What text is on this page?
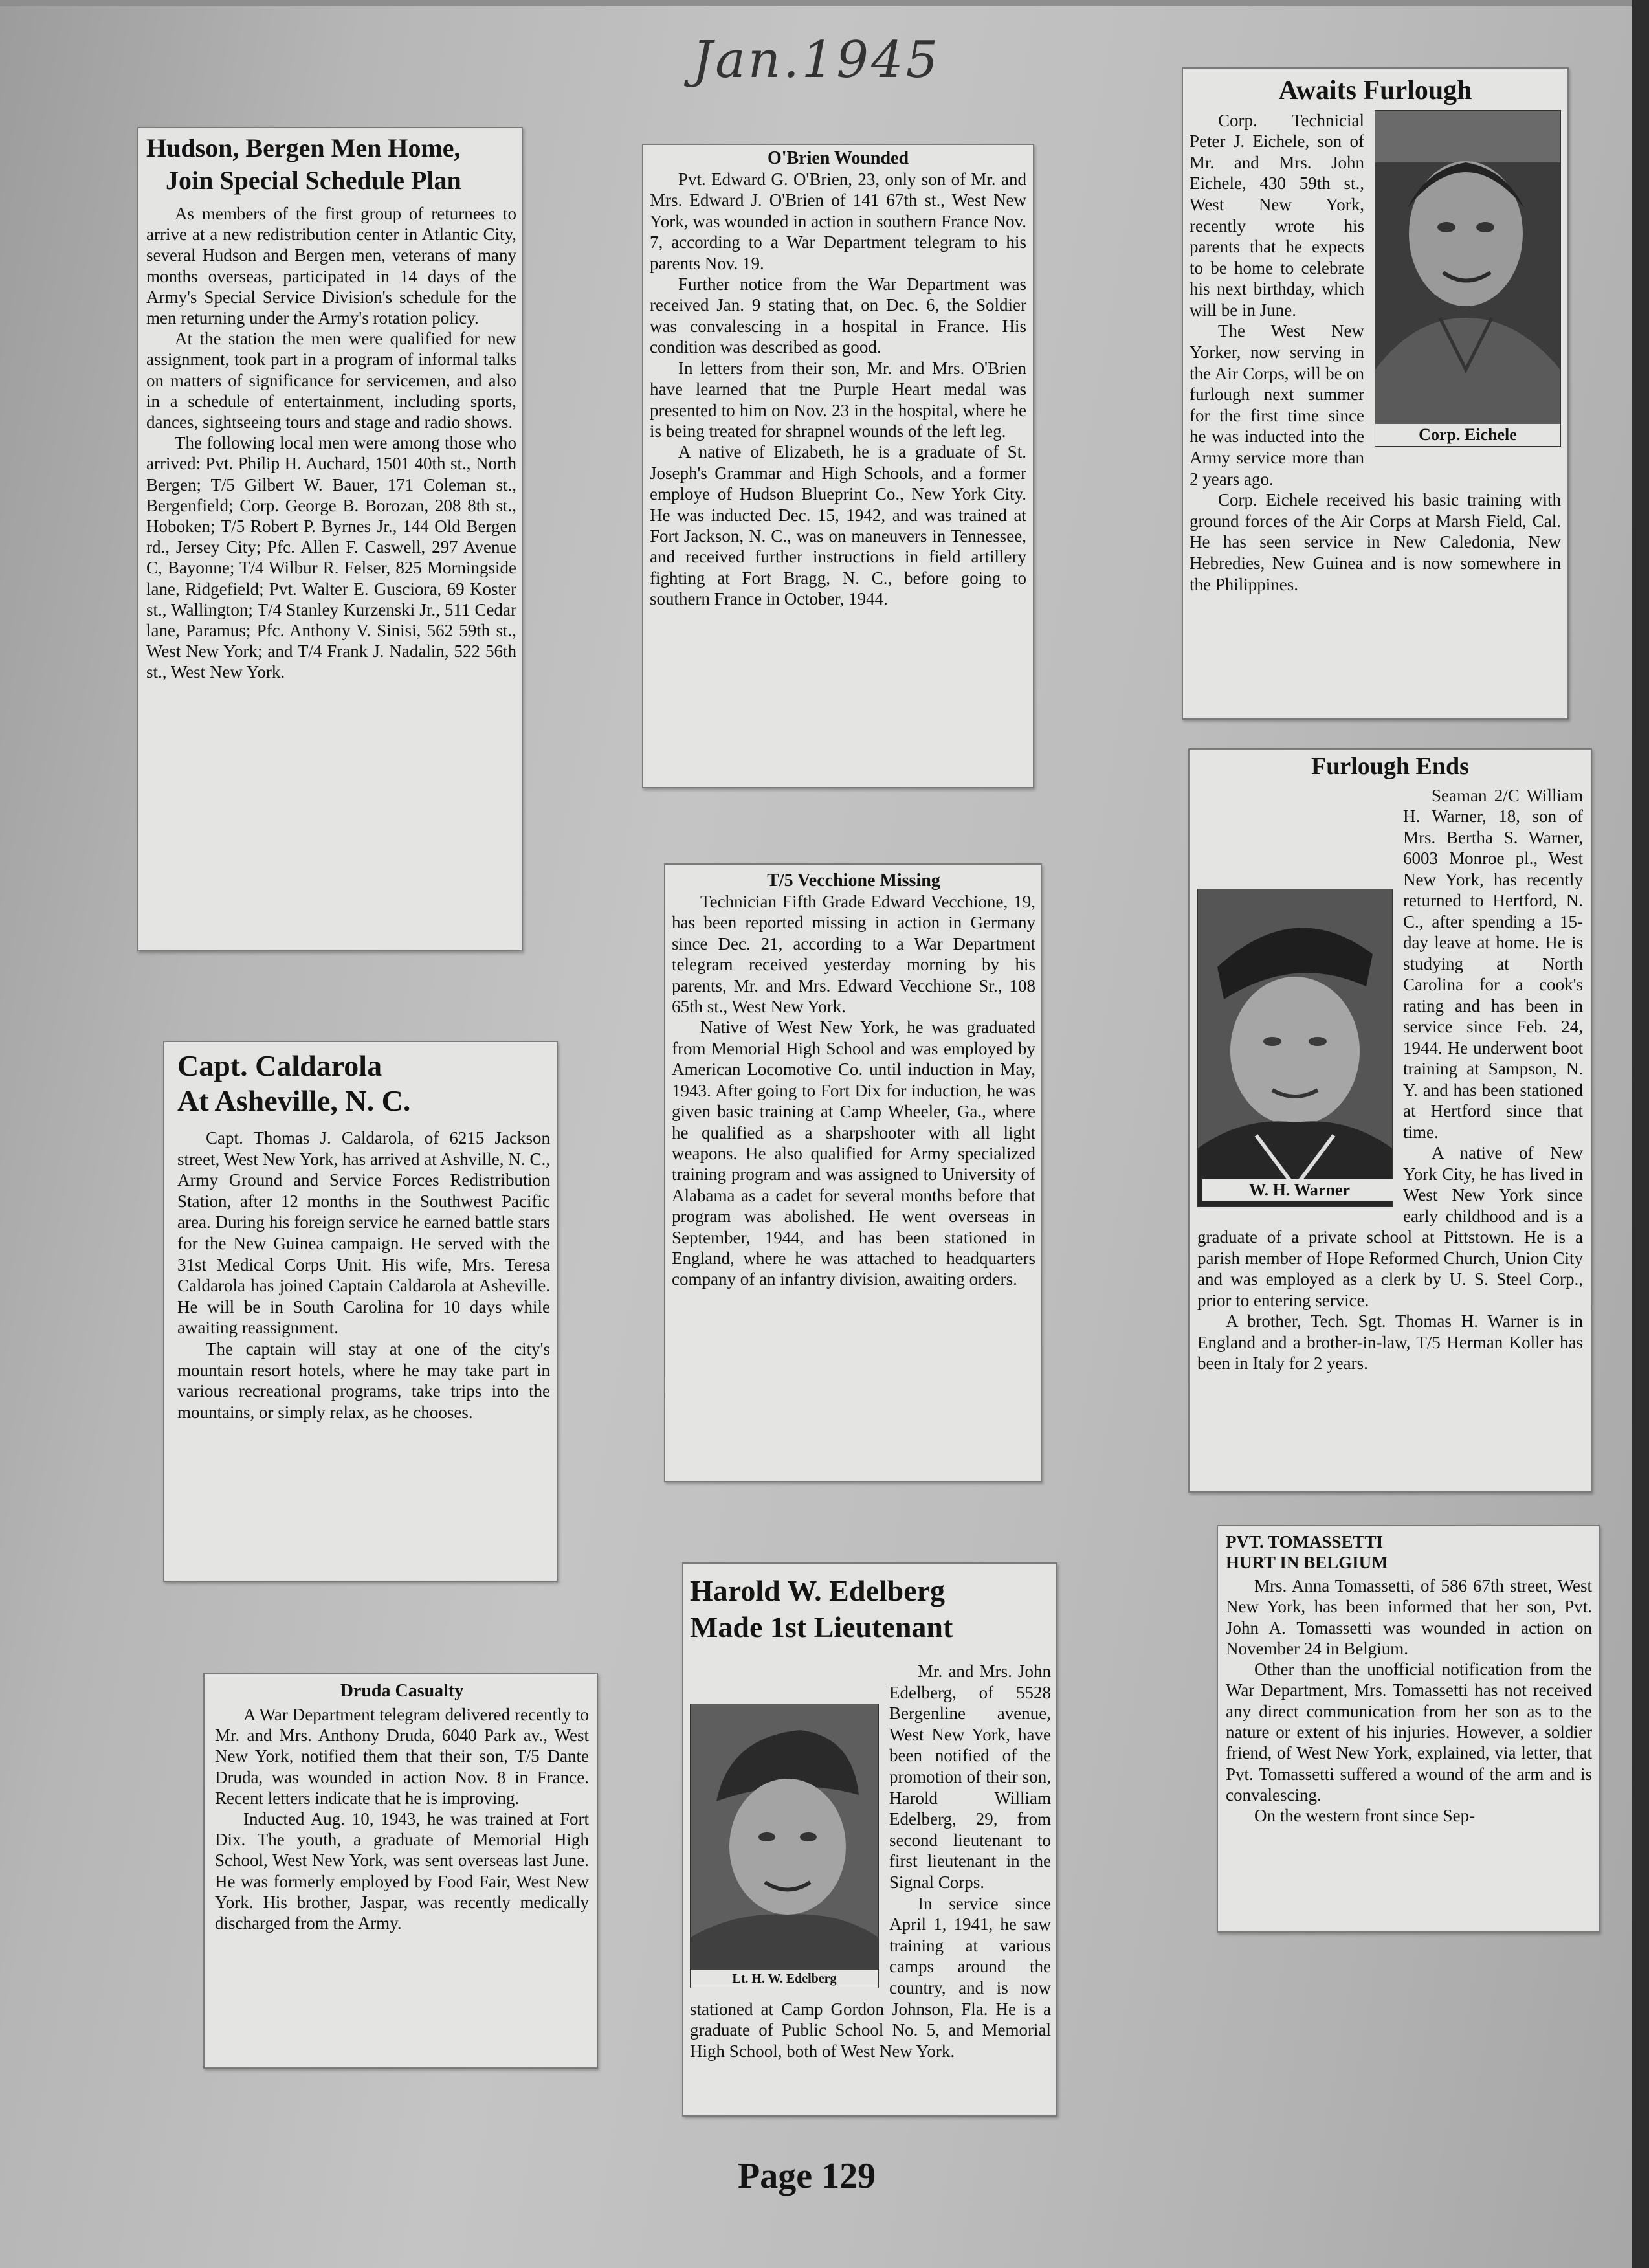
Jan.1945
Hudson, Bergen Men Home,
Join Special Schedule Plan

As members of the first group of returnees to arrive at a new redistribution center in Atlantic City, several Hudson and Bergen men, veterans of many months overseas, participated in 14 days of the Army's Special Service Division's schedule for the men returning under the Army's rotation policy.

At the station the men were qualified for new assignment, took part in a program of informal talks on matters of significance for servicemen, and also in a schedule of entertainment, including sports, dances, sightseeing tours and stage and radio shows.

The following local men were among those who arrived: Pvt. Philip H. Auchard, 1501 40th st., North Bergen; T/5 Gilbert W. Bauer, 171 Coleman st., Bergenfield; Corp. George B. Borozan, 208 8th st., Hoboken; T/5 Robert P. Byrnes Jr., 144 Old Bergen rd., Jersey City; Pfc. Allen F. Caswell, 297 Avenue C, Bayonne; T/4 Wilbur R. Felser, 825 Morningside lane, Ridgefield; Pvt. Walter E. Gusciora, 69 Koster st., Wallington; T/4 Stanley Kurzenski Jr., 511 Cedar lane, Paramus; Pfc. Anthony V. Sinisi, 562 59th st., West New York; and T/4 Frank J. Nadalin, 522 56th st., West New York.

O'Brien Wounded

Pvt. Edward G. O'Brien, 23, only son of Mr. and Mrs. Edward J. O'Brien of 141 67th st., West New York, was wounded in action in southern France Nov. 7, according to a War Department telegram to his parents Nov. 19.

Further notice from the War Department was received Jan. 9 stating that, on Dec. 6, the Soldier was convalescing in a hospital in France. His condition was described as good.

In letters from their son, Mr. and Mrs. O'Brien have learned that tne Purple Heart medal was presented to him on Nov. 23 in the hospital, where he is being treated for shrapnel wounds of the left leg.

A native of Elizabeth, he is a graduate of St. Joseph's Grammar and High Schools, and a former employe of Hudson Blueprint Co., New York City. He was inducted Dec. 15, 1942, and was trained at Fort Jackson, N. C., was on maneuvers in Tennessee, and received further instructions in field artillery fighting at Fort Bragg, N. C., before going to southern France in October, 1944.

Awaits Furlough
Corp. Eichele

Corp. Technicial Peter J. Eichele, son of Mr. and Mrs. John Eichele, 430 59th st., West New York, recently wrote his parents that he expects to be home to celebrate his next birthday, which will be in June.

The West New Yorker, now serving in the Air Corps, will be on furlough next summer for the first time since he was inducted into the Army service more than 2 years ago.

Corp. Eichele received his basic training with ground forces of the Air Corps at Marsh Field, Cal. He has seen service in New Caledonia, New Hebredies, New Guinea and is now somewhere in the Philippines.

Furlough Ends

Seaman 2/C William H. Warner, 18, son of Mrs. Bertha S. Warner, 6003 Monroe pl., West New York, has recently returned to Hertford, N. C., after spending a 15-day leave at home. He is studying at North Carolina for a cook's rating and has been in service since Feb. 24, 1944. He underwent boot training at Sampson, N. Y. and has been stationed at Hertford since that time.

W. H. Warner

A native of New York City, he has lived in West New York since early childhood and is a graduate of a private school at Pittstown. He is a parish member of Hope Reformed Church, Union City and was employed as a clerk by U. S. Steel Corp., prior to entering service.

A brother, Tech. Sgt. Thomas H. Warner is in England and a brother-in-law, T/5 Herman Koller has been in Italy for 2 years.

Capt. Caldarola
At Asheville, N. C.

Capt. Thomas J. Caldarola, of 6215 Jackson street, West New York, has arrived at Ashville, N. C., Army Ground and Service Forces Redistribution Station, after 12 months in the Southwest Pacific area. During his foreign service he earned battle stars for the New Guinea campaign. He served with the 31st Medical Corps Unit. His wife, Mrs. Teresa Caldarola has joined Captain Caldarola at Asheville. He will be in South Carolina for 10 days while awaiting reassignment.

The captain will stay at one of the city's mountain resort hotels, where he may take part in various recreational programs, take trips into the mountains, or simply relax, as he chooses.

T/5 Vecchione Missing

Technician Fifth Grade Edward Vecchione, 19, has been reported missing in action in Germany since Dec. 21, according to a War Department telegram received yesterday morning by his parents, Mr. and Mrs. Edward Vecchione Sr., 108 65th st., West New York.

Native of West New York, he was graduated from Memorial High School and was employed by American Locomotive Co. until induction in May, 1943. After going to Fort Dix for induction, he was given basic training at Camp Wheeler, Ga., where he qualified as a sharpshooter with all light weapons. He also qualified for Army specialized training program and was assigned to University of Alabama as a cadet for several months before that program was abolished. He went overseas in September, 1944, and has been stationed in England, where he was attached to headquarters company of an infantry division, awaiting orders.

PVT. TOMASSETTI
HURT IN BELGIUM

Mrs. Anna Tomassetti, of 586 67th street, West New York, has been informed that her son, Pvt. John A. Tomassetti was wounded in action on November 24 in Belgium.

Other than the unofficial notification from the War Department, Mrs. Tomassetti has not received any direct communication from her son as to the nature or extent of his injuries. However, a soldier friend, of West New York, explained, via letter, that Pvt. Tomassetti suffered a wound of the arm and is convalescing.

On the western front since Sep-

Druda Casualty

A War Department telegram delivered recently to Mr. and Mrs. Anthony Druda, 6040 Park av., West New York, notified them that their son, T/5 Dante Druda, was wounded in action Nov. 8 in France. Recent letters indicate that he is improving.

Inducted Aug. 10, 1943, he was trained at Fort Dix. The youth, a graduate of Memorial High School, West New York, was sent overseas last June. He was formerly employed by Food Fair, West New York. His brother, Jaspar, was recently medically discharged from the Army.

Harold W. Edelberg
Made 1st Lieutenant
Lt. H. W. Edelberg

Mr. and Mrs. John Edelberg, of 5528 Bergenline avenue, West New York, have been notified of the promotion of their son, Harold William Edelberg, 29, from second lieutenant to first lieutenant in the Signal Corps.

In service since April 1, 1941, he saw training at various camps around the country, and is now stationed at Camp Gordon Johnson, Fla. He is a graduate of Public School No. 5, and Memorial High School, both of West New York.

Page 129
